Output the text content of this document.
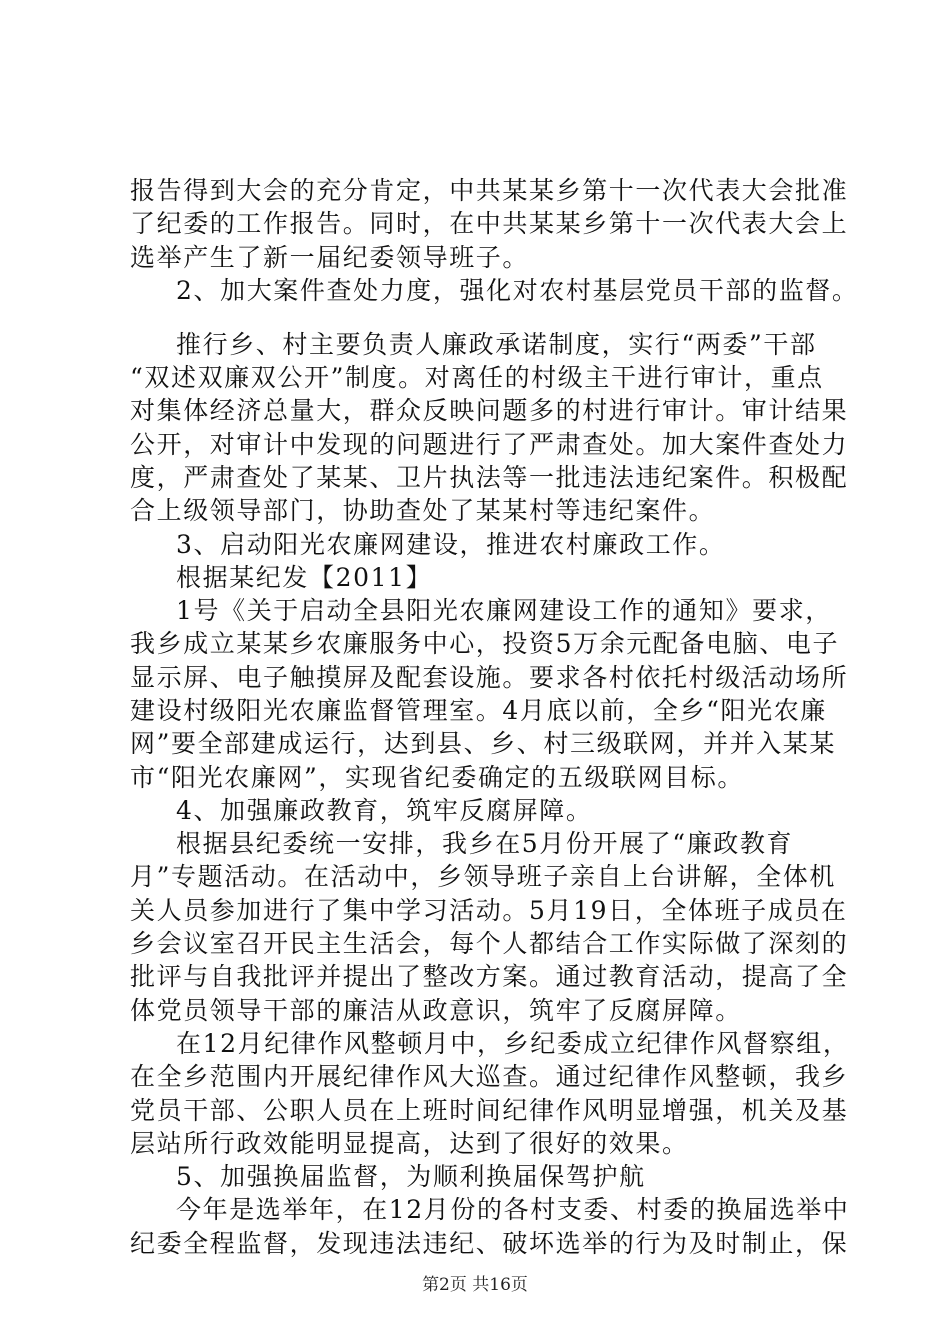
报告得到大会的充分肯定，中共某某乡第十一次代表大会批准
了纪委的工作报告。同时，在中共某某乡第十一次代表大会上
选举产生了新一届纪委领导班子。
2、加大案件查处力度，强化对农村基层党员干部的监督。
推行乡、村主要负责人廉政承诺制度，实行“两委”干部
“双述双廉双公开”制度。对离任的村级主干进行审计，重点
对集体经济总量大，群众反映问题多的村进行审计。审计结果
公开，对审计中发现的问题进行了严肃查处。加大案件查处力
度，严肃查处了某某、卫片执法等一批违法违纪案件。积极配
合上级领导部门，协助查处了某某村等违纪案件。
3、启动阳光农廉网建设，推进农村廉政工作。
根据某纪发【2011】
1号《关于启动全县阳光农廉网建设工作的通知》要求，
我乡成立某某乡农廉服务中心，投资5万余元配备电脑、电子
显示屏、电子触摸屏及配套设施。要求各村依托村级活动场所
建设村级阳光农廉监督管理室。4月底以前，全乡“阳光农廉
网”要全部建成运行，达到县、乡、村三级联网，并并入某某
市“阳光农廉网”，实现省纪委确定的五级联网目标。
4、加强廉政教育，筑牢反腐屏障。
根据县纪委统一安排，我乡在5月份开展了“廉政教育
月”专题活动。在活动中，乡领导班子亲自上台讲解，全体机
关人员参加进行了集中学习活动。5月19日，全体班子成员在
乡会议室召开民主生活会，每个人都结合工作实际做了深刻的
批评与自我批评并提出了整改方案。通过教育活动，提高了全
体党员领导干部的廉洁从政意识，筑牢了反腐屏障。
在12月纪律作风整顿月中，乡纪委成立纪律作风督察组，
在全乡范围内开展纪律作风大巡查。通过纪律作风整顿，我乡
党员干部、公职人员在上班时间纪律作风明显增强，机关及基
层站所行政效能明显提高，达到了很好的效果。
5、加强换届监督，为顺利换届保驾护航
今年是选举年，在12月份的各村支委、村委的换届选举中
纪委全程监督，发现违法违纪、破坏选举的行为及时制止，保
第2页 共16页
